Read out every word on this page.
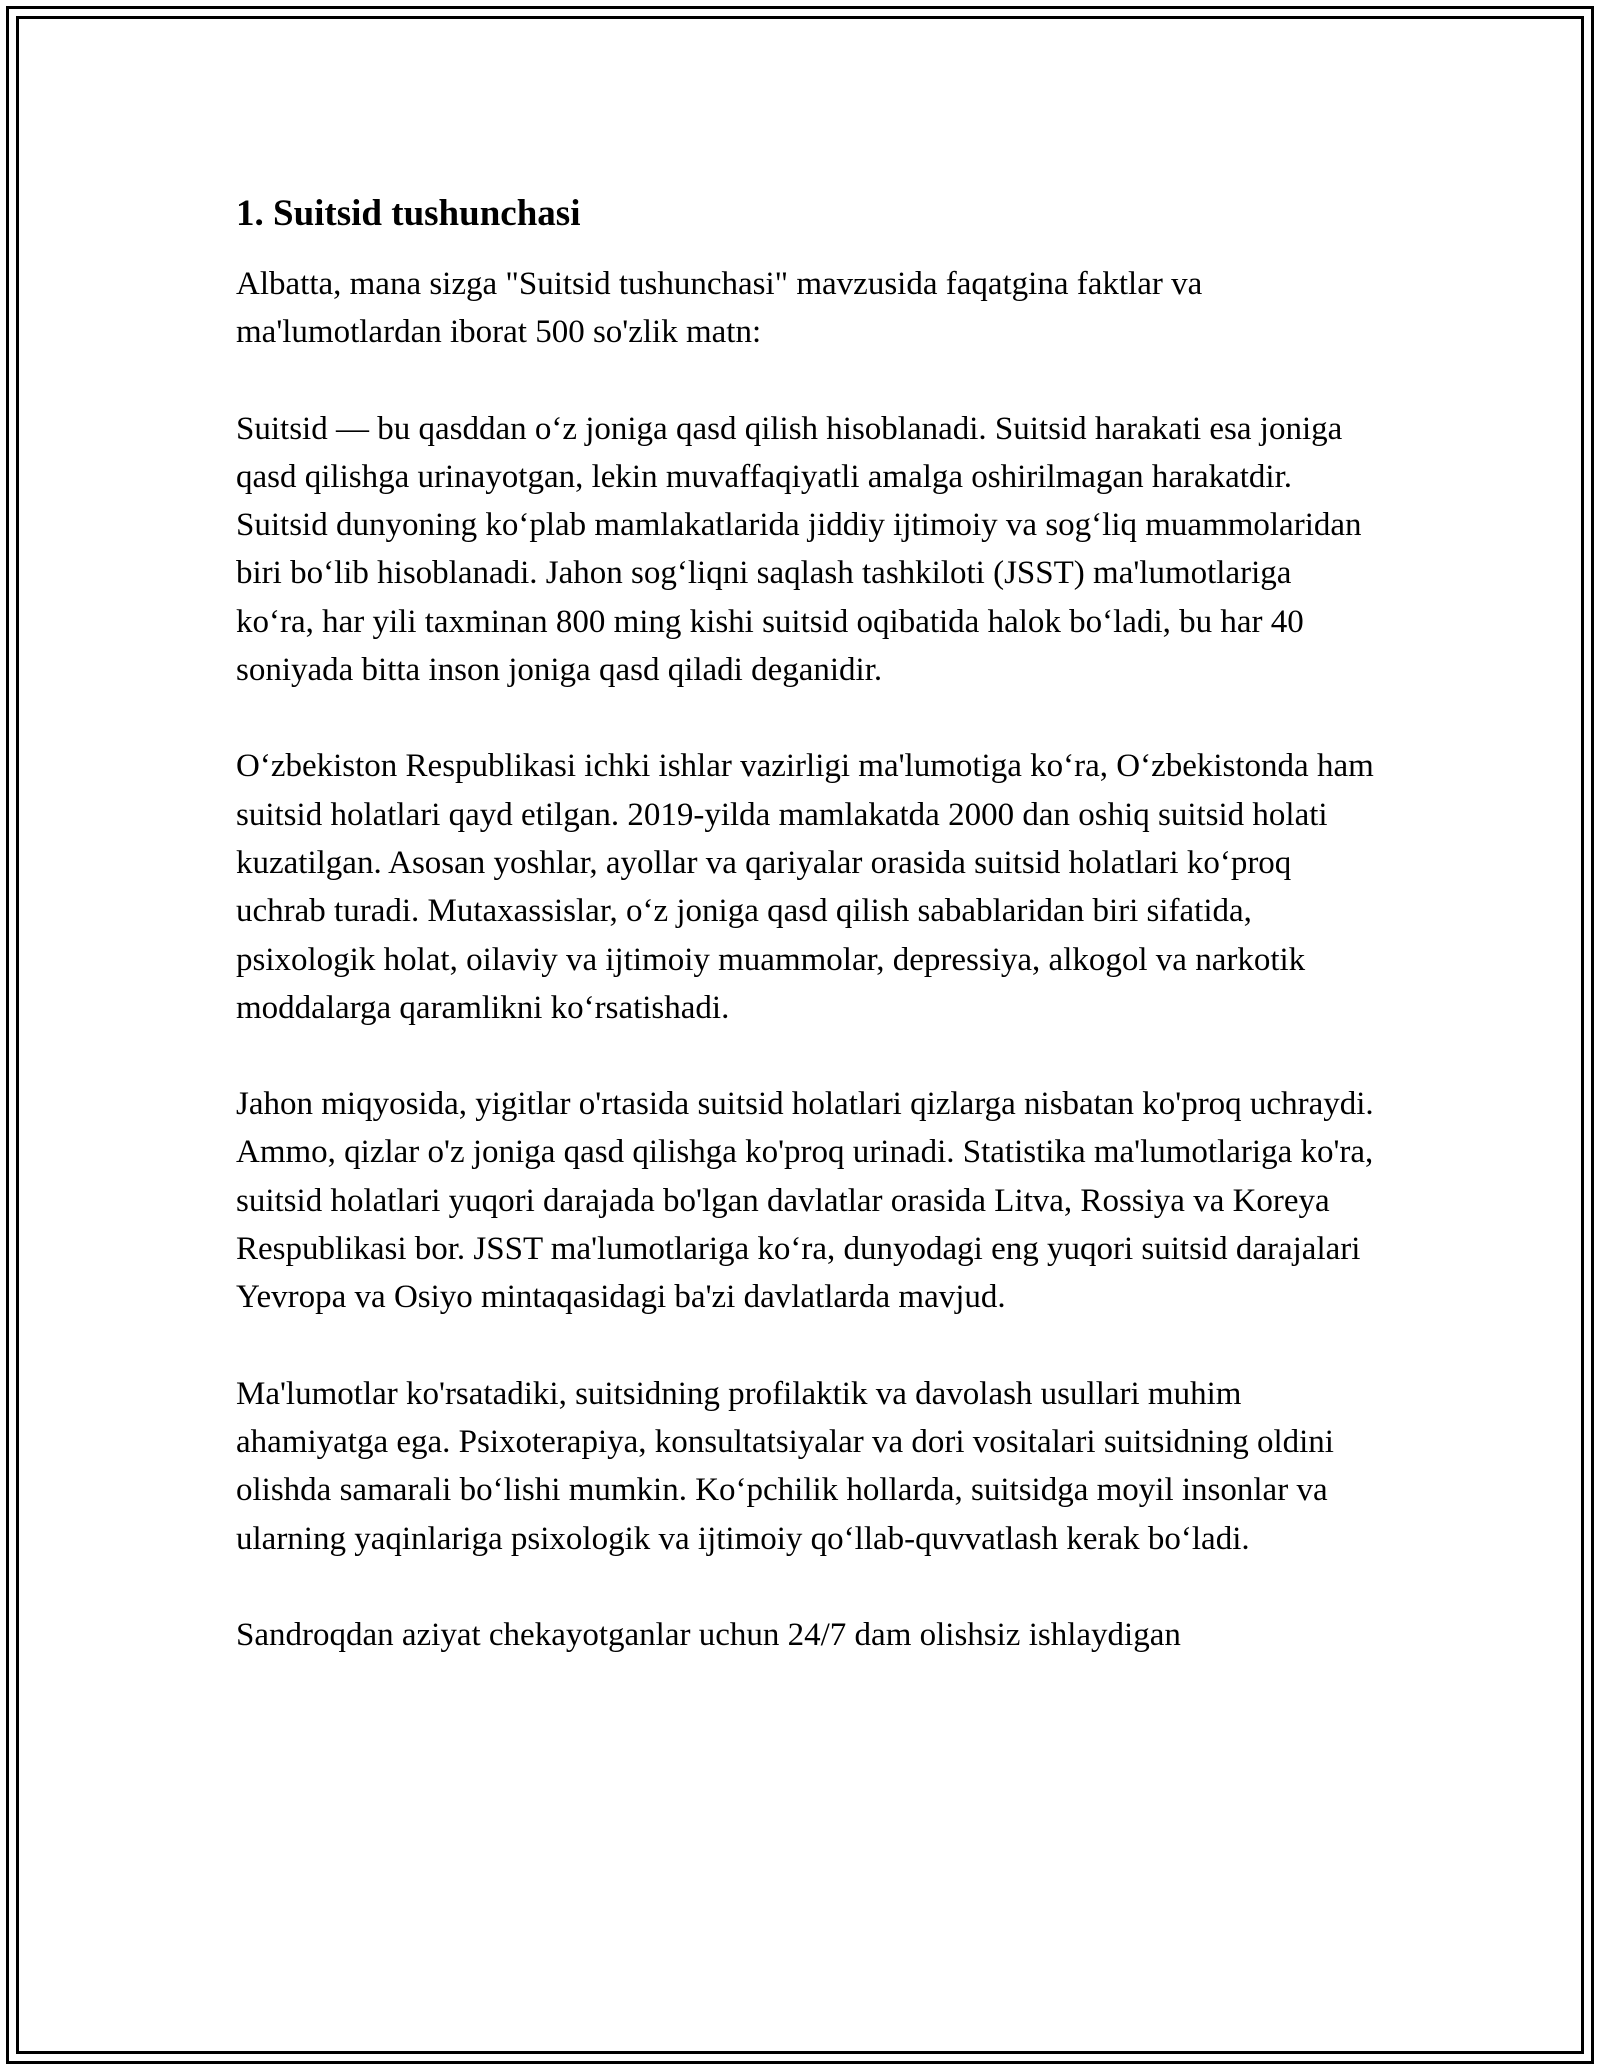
1. Suitsid tushunchasi

Albatta, mana sizga "Suitsid tushunchasi" mavzusida faqatgina faktlar va ma'lumotlardan iborat 500 so'zlik matn:

Suitsid — bu qasddan o‘z joniga qasd qilish hisoblanadi. Suitsid harakati esa joniga qasd qilishga urinayotgan, lekin muvaffaqiyatli amalga oshirilmagan harakatdir. Suitsid dunyoning ko‘plab mamlakatlarida jiddiy ijtimoiy va sog‘liq muammolaridan biri bo‘lib hisoblanadi. Jahon sog‘liqni saqlash tashkiloti (JSST) ma'lumotlariga ko‘ra, har yili taxminan 800 ming kishi suitsid oqibatida halok bo‘ladi, bu har 40 soniyada bitta inson joniga qasd qiladi deganidir.

O‘zbekiston Respublikasi ichki ishlar vazirligi ma'lumotiga ko‘ra, O‘zbekistonda ham suitsid holatlari qayd etilgan. 2019-yilda mamlakatda 2000 dan oshiq suitsid holati kuzatilgan. Asosan yoshlar, ayollar va qariyalar orasida suitsid holatlari ko‘proq uchrab turadi. Mutaxassislar, o‘z joniga qasd qilish sabablaridan biri sifatida, psixologik holat, oilaviy va ijtimoiy muammolar, depressiya, alkogol va narkotik moddalarga qaramlikni ko‘rsatishadi.

Jahon miqyosida, yigitlar o'rtasida suitsid holatlari qizlarga nisbatan ko'proq uchraydi. Ammo, qizlar o'z joniga qasd qilishga ko'proq urinadi. Statistika ma'lumotlariga ko'ra, suitsid holatlari yuqori darajada bo'lgan davlatlar orasida Litva, Rossiya va Koreya Respublikasi bor. JSST ma'lumotlariga ko‘ra, dunyodagi eng yuqori suitsid darajalari Yevropa va Osiyo mintaqasidagi ba'zi davlatlarda mavjud.

Ma'lumotlar ko'rsatadiki, suitsidning profilaktik va davolash usullari muhim ahamiyatga ega. Psixoterapiya, konsultatsiyalar va dori vositalari suitsidning oldini olishda samarali bo‘lishi mumkin. Ko‘pchilik hollarda, suitsidga moyil insonlar va ularning yaqinlariga psixologik va ijtimoiy qo‘llab-quvvatlash kerak bo‘ladi.

Sandroqdan aziyat chekayotganlar uchun 24/7 dam olishsiz ishlaydigan
